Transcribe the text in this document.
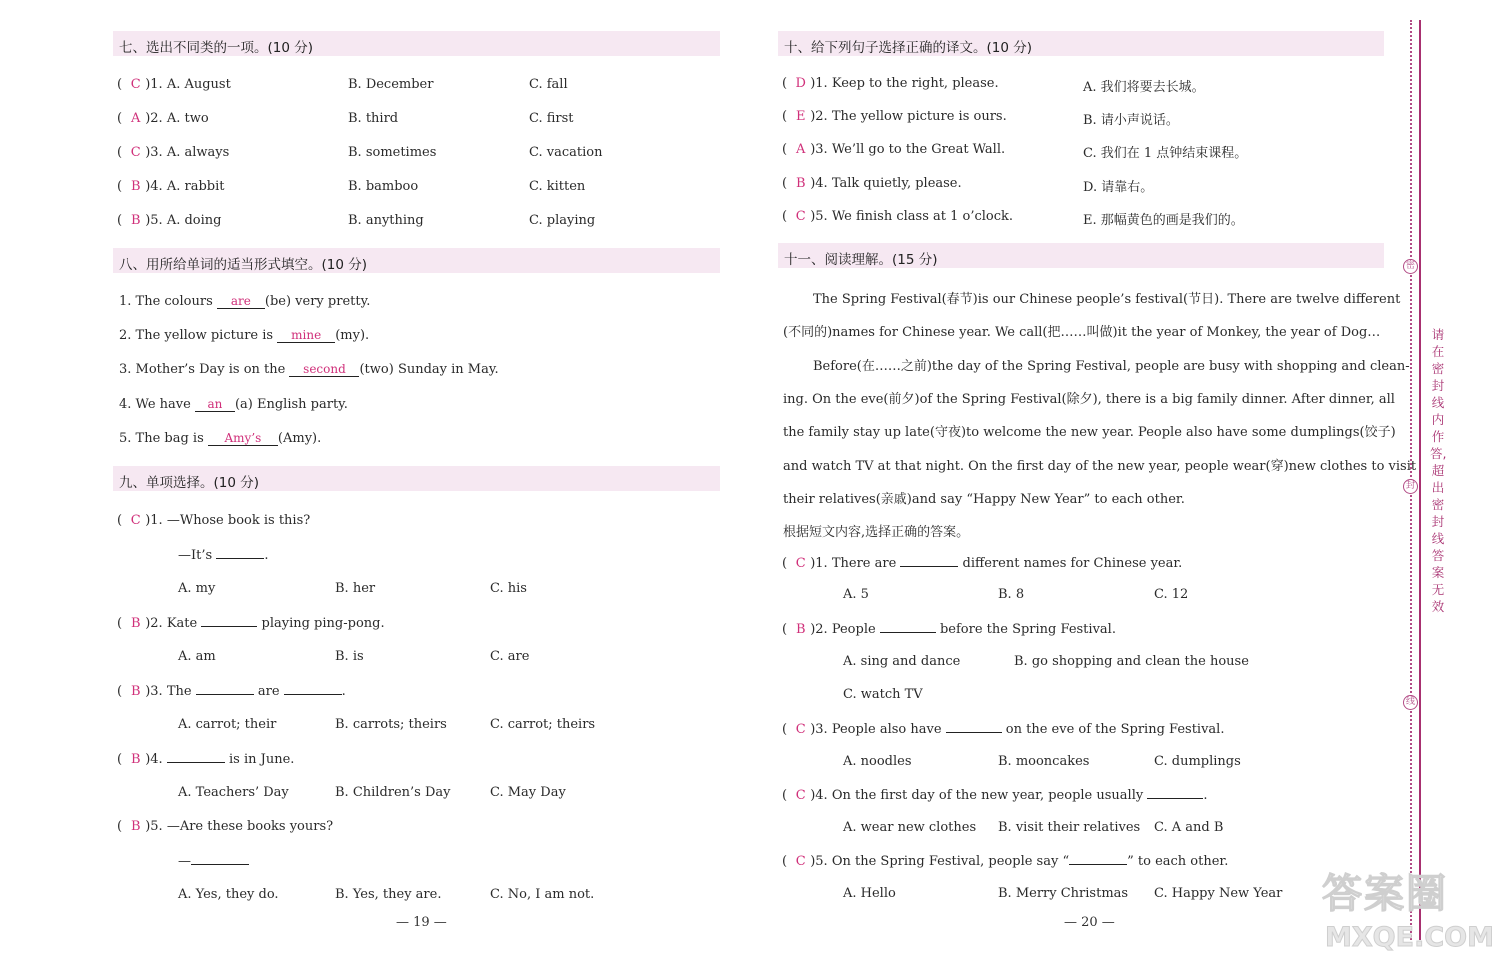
七、选出不同类的一项。(10 分)
( C )1. A. August	B. December	C. fall
( A )2. A. two	B. third	C. first
( C )3. A. always	B. sometimes	C. vacation
( B )4. A. rabbit	B. bamboo	C. kitten
( B )5. A. doing	B. anything	C. playing
八、用所给单词的适当形式填空。(10 分)
1. The colours are (be) very pretty.
2. The yellow picture is mine (my).
3. Mother’s Day is on the second (two) Sunday in May.
4. We have an (a) English party.
5. The bag is Amy’s (Amy).
九、单项选择。(10 分)
( C )1. —Whose book is this?
—It’s	.
A. my	B. her	C. his
( B )2. Kate	playing ping-pong.
A. am	B. is	C. are
( B )3. The	are	.
A. carrot; their	B. carrots; theirs	C. carrot; theirs
( B )4.	is in June.
A. Teachers’ Day	B. Children’s Day	C. May Day
( B )5. —Are these books yours?
—
A. Yes, they do.	B. Yes, they are.	C. No, I am not.
— 19 —
十、给下列句子选择正确的译文。(10 分)
( D )1. Keep to the right, please.	A. 我们将要去长城。
( E )2. The yellow picture is ours.	B. 请小声说话。
( A )3. We’ll go to the Great Wall.	C. 我们在 1 点钟结束课程。
( B )4. Talk quietly, please.	D. 请靠右。
( C )5. We finish class at 1 o’clock.	E. 那幅黄色的画是我们的。
十一、阅读理解。(15 分)
The Spring Festival(春节)is our Chinese people’s festival(节日). There are twelve different
(不同的)names for Chinese year. We call(把……叫做)it the year of Monkey, the year of Dog…
Before(在……之前)the day of the Spring Festival, people are busy with shopping and clean-
ing. On the eve(前夕)of the Spring Festival(除夕), there is a big family dinner. After dinner, all
the family stay up late(守夜)to welcome the new year. People also have some dumplings(饺子)
and watch TV at that night. On the first day of the new year, people wear(穿)new clothes to visit
their relatives(亲戚)and say “Happy New Year” to each other.
根据短文内容,选择正确的答案。
( C )1. There are	different names for Chinese year.
A. 5	B. 8	C. 12
( B )2. People	before the Spring Festival.
A. sing and dance	B. go shopping and clean the house
C. watch TV
( C )3. People also have	on the eve of the Spring Festival.
A. noodles	B. mooncakes	C. dumplings
( C )4. On the first day of the new year, people usually	.
A. wear new clothes B. visit their relatives C. A and B
( C )5. On the Spring Festival, people say “	” to each other.
A. Hello	B. Merry Christmas C. Happy New Year
— 20 —
密
封
线
请在密封线内作答,超出密封线答案无效
答案圈
MXQE.COM
